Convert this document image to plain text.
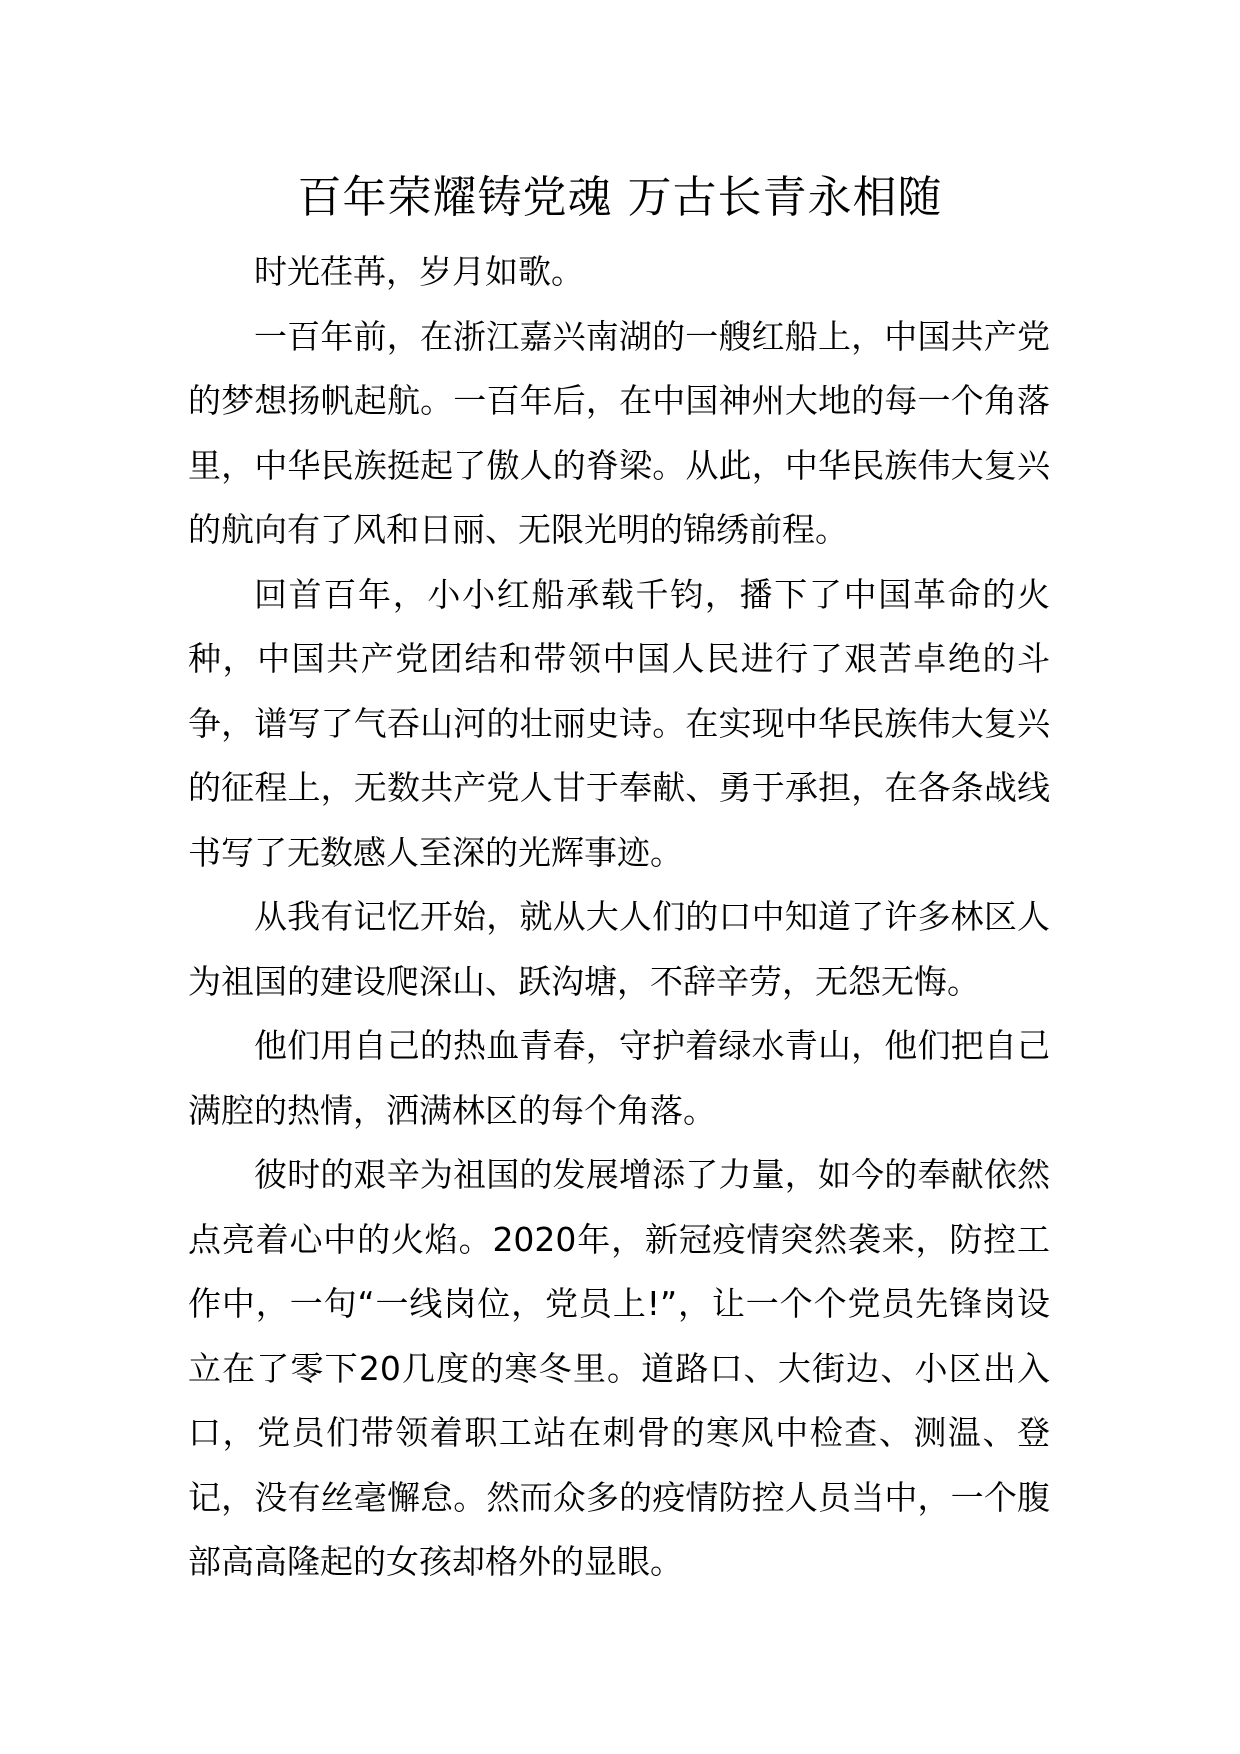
百年荣耀铸党魂 万古长青永相随

时光荏苒，岁月如歌。

一百年前，在浙江嘉兴南湖的一艘红船上，中国共产党的梦想扬帆起航。一百年后，在中国神州大地的每一个角落里，中华民族挺起了傲人的脊梁。从此，中华民族伟大复兴的航向有了风和日丽、无限光明的锦绣前程。

回首百年，小小红船承载千钧，播下了中国革命的火种，中国共产党团结和带领中国人民进行了艰苦卓绝的斗争，谱写了气吞山河的壮丽史诗。在实现中华民族伟大复兴的征程上，无数共产党人甘于奉献、勇于承担，在各条战线书写了无数感人至深的光辉事迹。

从我有记忆开始，就从大人们的口中知道了许多林区人为祖国的建设爬深山、跃沟塘，不辞辛劳，无怨无悔。

他们用自己的热血青春，守护着绿水青山，他们把自己满腔的热情，洒满林区的每个角落。

彼时的艰辛为祖国的发展增添了力量，如今的奉献依然点亮着心中的火焰。2020年，新冠疫情突然袭来，防控工作中，一句“一线岗位，党员上!”，让一个个党员先锋岗设立在了零下20几度的寒冬里。道路口、大街边、小区出入口，党员们带领着职工站在刺骨的寒风中检查、测温、登记，没有丝毫懈怠。然而众多的疫情防控人员当中，一个腹部高高隆起的女孩却格外的显眼。
